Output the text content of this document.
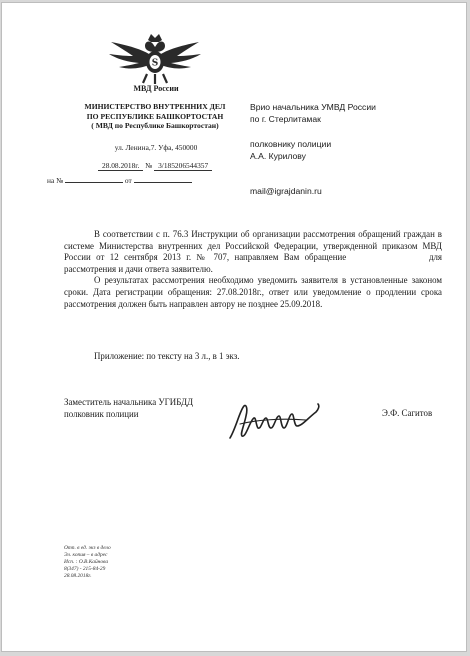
S
МВД России
МИНИСТЕРСТВО ВНУТРЕННИХ ДЕЛ
ПО РЕСПУБЛИКЕ БАШКОРТОСТАН
( МВД по Республике Башкортостан)
ул. Ленина,7. Уфа, 450000
28.08.2018г. № 3/185206544357
на №	от
Врио начальника УМВД России
по г. Стерлитамак
полковнику полиции
А.А. Курилову
mail@igrajdanin.ru

В соответствии с п. 76.3 Инструкции об организации рассмотрения обращений граждан в системе Министерства внутренних дел Российской Федерации, утвержденной приказом МВД России от 12 сентября 2013 г. № 707, направляем Вам обращение	для рассмотрения и дачи ответа заявителю.

О результатах рассмотрения необходимо уведомить заявителя в установленные законом сроки. Дата регистрации обращения: 27.08.2018г., ответ или уведомление о продлении срока рассмотрения должен быть направлен автору не позднее 25.09.2018.

Приложение: по тексту на 3 л., в 1 экз.
Заместитель начальника УГИБДД
полковник полиции	Э.Ф. Сагитов
Отп. в ед. экз в дело
Эл. копия – в адрес
Исп. : О.В.Кайнова
8(347) - 215-84-29
28.08.2018г.
